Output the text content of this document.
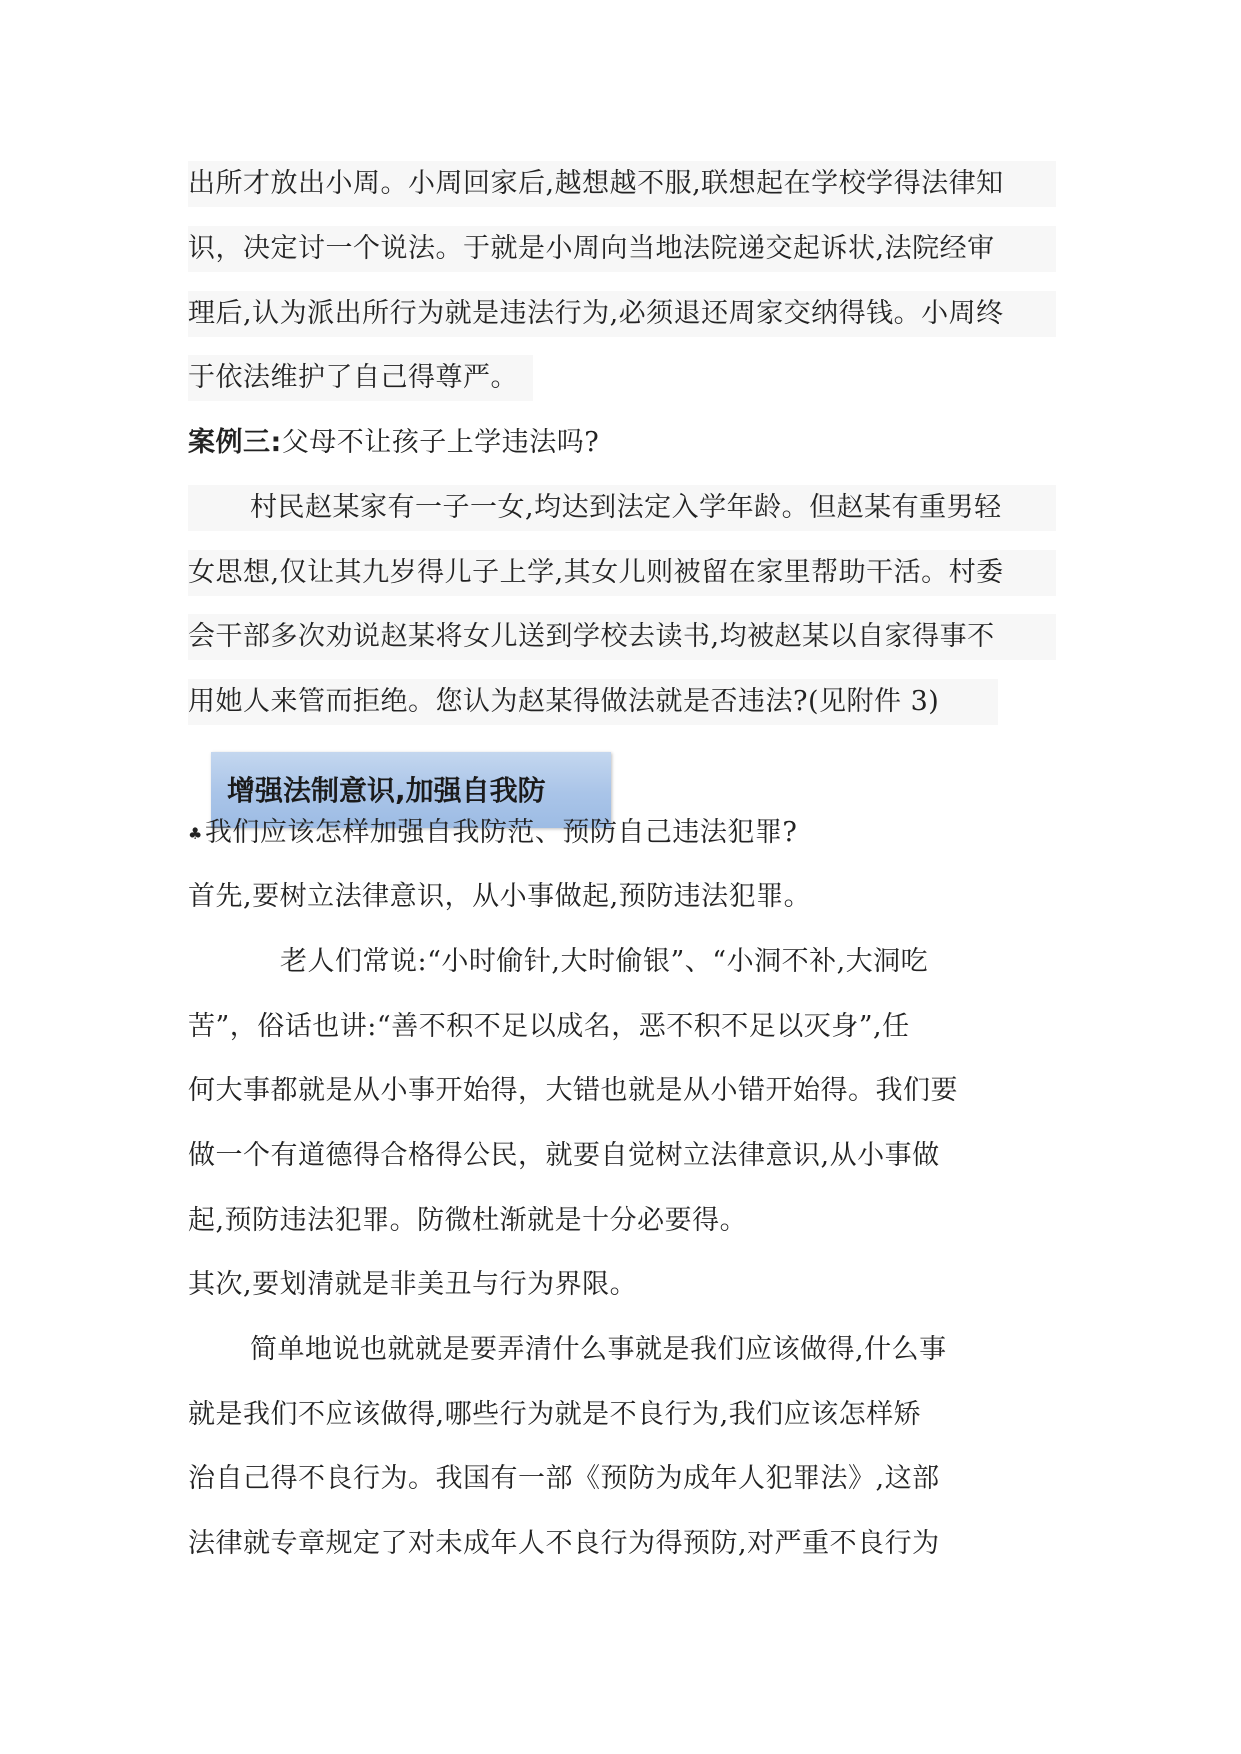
出所才放出小周。小周回家后,越想越不服,联想起在学校学得法律知
识，决定讨一个说法。于就是小周向当地法院递交起诉状,法院经审
理后,认为派出所行为就是违法行为,必须退还周家交纳得钱。小周终
于依法维护了自己得尊严。
案例三:父母不让孩子上学违法吗?
村民赵某家有一子一女,均达到法定入学年龄。但赵某有重男轻
女思想,仅让其九岁得儿子上学,其女儿则被留在家里帮助干活。村委
会干部多次劝说赵某将女儿送到学校去读书,均被赵某以自家得事不
用她人来管而拒绝。您认为赵某得做法就是否违法?(见附件 3)
增强法制意识,加强自我防
♣我们应该怎样加强自我防范、预防自己违法犯罪?
首先,要树立法律意识，从小事做起,预防违法犯罪。
老人们常说:“小时偷针,大时偷银”、“小洞不补,大洞吃
苦”，俗话也讲:“善不积不足以成名，恶不积不足以灭身”,任
何大事都就是从小事开始得，大错也就是从小错开始得。我们要
做一个有道德得合格得公民，就要自觉树立法律意识,从小事做
起,预防违法犯罪。防微杜渐就是十分必要得。
其次,要划清就是非美丑与行为界限。
简单地说也就就是要弄清什么事就是我们应该做得,什么事
就是我们不应该做得,哪些行为就是不良行为,我们应该怎样矫
治自己得不良行为。我国有一部《预防为成年人犯罪法》,这部
法律就专章规定了对未成年人不良行为得预防,对严重不良行为
